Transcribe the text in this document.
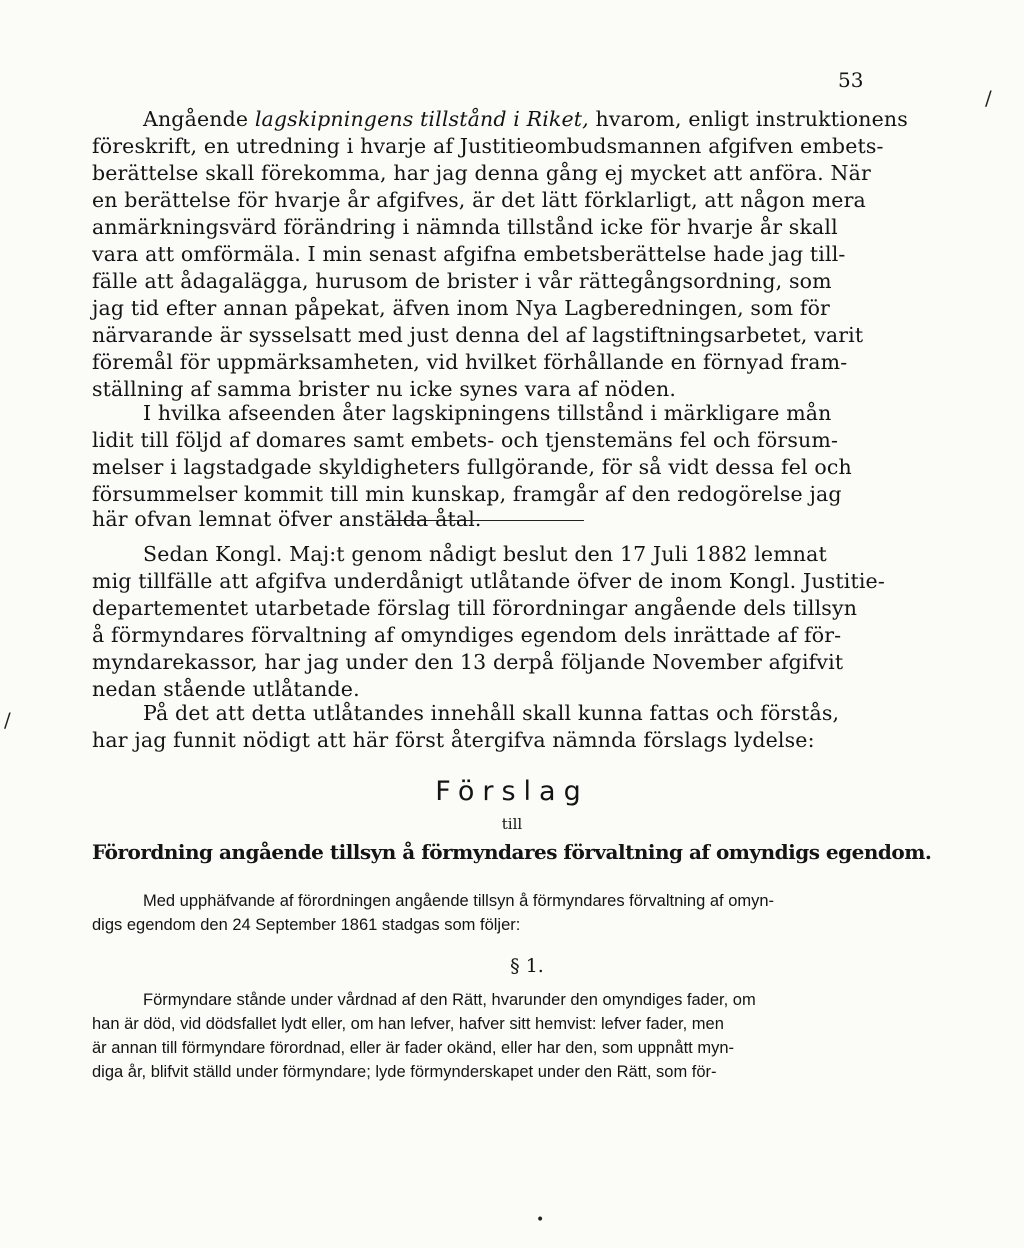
53
/
/
•
Angående lagskipningens tillstånd i Riket, hvarom, enligt instruktionens
föreskrift, en utredning i hvarje af Justitieombudsmannen afgifven embets-
berättelse skall förekomma, har jag denna gång ej mycket att anföra. När
en berättelse för hvarje år afgifves, är det lätt förklarligt, att någon mera
anmärkningsvärd förändring i nämnda tillstånd icke för hvarje år skall
vara att omförmäla. I min senast afgifna embetsberättelse hade jag till-
fälle att ådagalägga, hurusom de brister i vår rättegångsordning, som
jag tid efter annan påpekat, äfven inom Nya Lagberedningen, som för
närvarande är sysselsatt med just denna del af lagstiftningsarbetet, varit
föremål för uppmärksamheten, vid hvilket förhållande en förnyad fram-
ställning af samma brister nu icke synes vara af nöden.
I hvilka afseenden åter lagskipningens tillstånd i märkligare mån
lidit till följd af domares samt embets- och tjenstemäns fel och försum-
melser i lagstadgade skyldigheters fullgörande, för så vidt dessa fel och
försummelser kommit till min kunskap, framgår af den redogörelse jag
här ofvan lemnat öfver anstälda åtal.
Sedan Kongl. Maj:t genom nådigt beslut den 17 Juli 1882 lemnat
mig tillfälle att afgifva underdånigt utlåtande öfver de inom Kongl. Justitie-
departementet utarbetade förslag till förordningar angående dels tillsyn
å förmyndares förvaltning af omyndiges egendom dels inrättade af för-
myndarekassor, har jag under den 13 derpå följande November afgifvit
nedan stående utlåtande.
På det att detta utlåtandes innehåll skall kunna fattas och förstås,
har jag funnit nödigt att här först återgifva nämnda förslags lydelse:
Förslag
till
Förordning angående tillsyn å förmyndares förvaltning af omyndigs egendom.
Med upphäfvande af förordningen angående tillsyn å förmyndares förvaltning af omyn-
digs egendom den 24 September 1861 stadgas som följer:
§ 1.
Förmyndare stånde under vårdnad af den Rätt, hvarunder den omyndiges fader, om
han är död, vid dödsfallet lydt eller, om han lefver, hafver sitt hemvist: lefver fader, men
är annan till förmyndare förordnad, eller är fader okänd, eller har den, som uppnått myn-
diga år, blifvit ställd under förmyndare; lyde förmynderskapet under den Rätt, som för-
